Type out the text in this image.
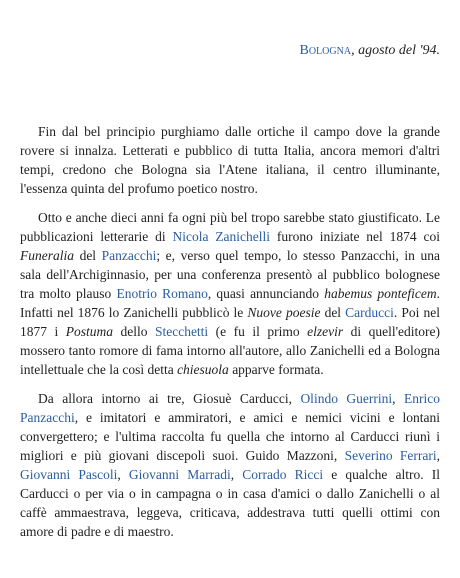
Bologna, agosto del '94.

Fin dal bel principio purghiamo dalle ortiche il campo dove la grande rovere si innalza. Letterati e pubblico di tutta Italia, ancora memori d'altri tempi, credono che Bologna sia l'Atene italiana, il centro illuminante, l'essenza quinta del profumo poetico nostro.

Otto e anche dieci anni fa ogni più bel tropo sarebbe stato giustificato. Le pubblicazioni letterarie di Nicola Zanichelli furono iniziate nel 1874 coi Funeralia del Panzacchi; e, verso quel tempo, lo stesso Panzacchi, in una sala dell'Archiginnasio, per una conferenza presentò al pubblico bolognese tra molto plauso Enotrio Romano, quasi annunciando habemus ponteficem. Infatti nel 1876 lo Zanichelli pubblicò le Nuove poesie del Carducci. Poi nel 1877 i Postuma dello Stecchetti (e fu il primo elzevir di quell'editore) mossero tanto romore di fama intorno all'autore, allo Zanichelli ed a Bologna intellettuale che la così detta chiesuola apparve formata.

Da allora intorno ai tre, Giosuè Carducci, Olindo Guerrini, Enrico Panzacchi, e imitatori e ammiratori, e amici e nemici vicini e lontani convergettero; e l'ultima raccolta fu quella che intorno al Carducci riunì i migliori e più giovani discepoli suoi. Guido Mazzoni, Severino Ferrari, Giovanni Pascoli, Giovanni Marradi, Corrado Ricci e qualche altro. Il Carducci o per via o in campagna o in casa d'amici o dallo Zanichelli o al caffè ammaestrava, leggeva, criticava, addestrava tutti quelli ottimi con amore di padre e di maestro.
